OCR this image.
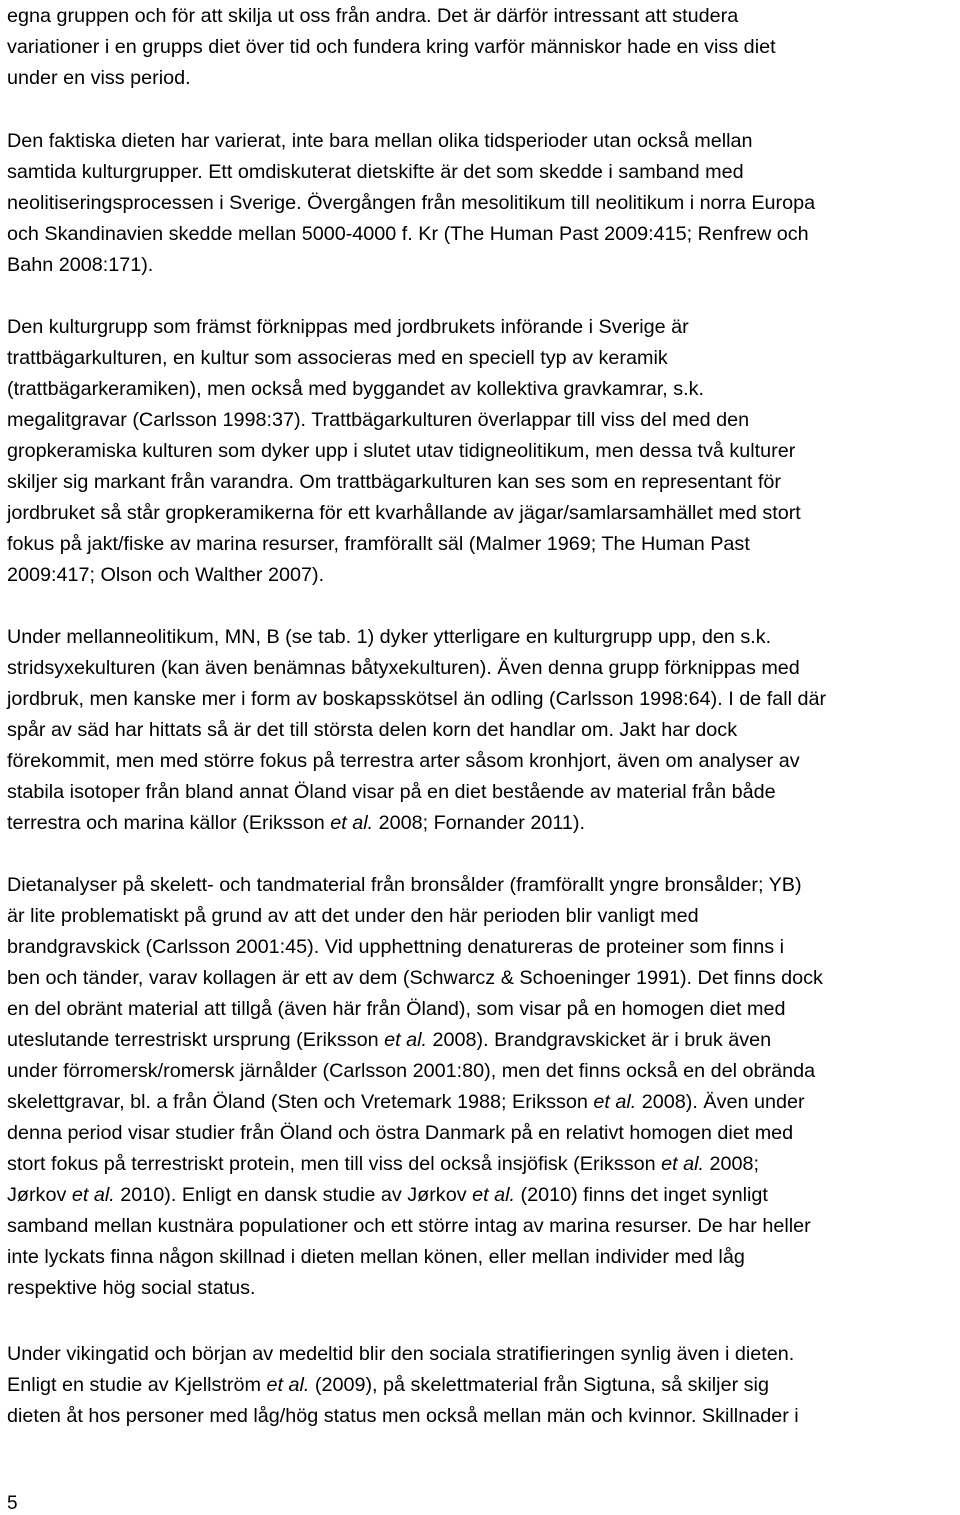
egna gruppen och för att skilja ut oss från andra. Det är därför intressant att studera
variationer i en grupps diet över tid och fundera kring varför människor hade en viss diet
under en viss period.
Den faktiska dieten har varierat, inte bara mellan olika tidsperioder utan också mellan
samtida kulturgrupper. Ett omdiskuterat dietskifte är det som skedde i samband med
neolitiseringsprocessen i Sverige. Övergången från mesolitikum till neolitikum i norra Europa
och Skandinavien skedde mellan 5000-4000 f. Kr (The Human Past 2009:415; Renfrew och
Bahn 2008:171).
Den kulturgrupp som främst förknippas med jordbrukets införande i Sverige är
trattbägarkulturen, en kultur som associeras med en speciell typ av keramik
(trattbägarkeramiken), men också med byggandet av kollektiva gravkamrar, s.k.
megalitgravar (Carlsson 1998:37). Trattbägarkulturen överlappar till viss del med den
gropkeramiska kulturen som dyker upp i slutet utav tidigneolitikum, men dessa två kulturer
skiljer sig markant från varandra. Om trattbägarkulturen kan ses som en representant för
jordbruket så står gropkeramikerna för ett kvarhållande av jägar/samlarsamhället med stort
fokus på jakt/fiske av marina resurser, framförallt säl (Malmer 1969; The Human Past
2009:417; Olson och Walther 2007).
Under mellanneolitikum, MN, B (se tab. 1) dyker ytterligare en kulturgrupp upp, den s.k.
stridsyxekulturen (kan även benämnas båtyxekulturen). Även denna grupp förknippas med
jordbruk, men kanske mer i form av boskapsskötsel än odling (Carlsson 1998:64). I de fall där
spår av säd har hittats så är det till största delen korn det handlar om. Jakt har dock
förekommit, men med större fokus på terrestra arter såsom kronhjort, även om analyser av
stabila isotoper från bland annat Öland visar på en diet bestående av material från både
terrestra och marina källor (Eriksson et al. 2008; Fornander 2011).
Dietanalyser på skelett- och tandmaterial från bronsålder (framförallt yngre bronsålder; YB)
är lite problematiskt på grund av att det under den här perioden blir vanligt med
brandgravskick (Carlsson 2001:45). Vid upphettning denatureras de proteiner som finns i
ben och tänder, varav kollagen är ett av dem (Schwarcz & Schoeninger 1991). Det finns dock
en del obränt material att tillgå (även här från Öland), som visar på en homogen diet med
uteslutande terrestriskt ursprung (Eriksson et al. 2008). Brandgravskicket är i bruk även
under förromersk/romersk järnålder (Carlsson 2001:80), men det finns också en del obrända
skelettgravar, bl. a från Öland (Sten och Vretemark 1988; Eriksson et al. 2008). Även under
denna period visar studier från Öland och östra Danmark på en relativt homogen diet med
stort fokus på terrestriskt protein, men till viss del också insjöfisk (Eriksson et al. 2008;
Jørkov et al. 2010). Enligt en dansk studie av Jørkov et al. (2010) finns det inget synligt
samband mellan kustnära populationer och ett större intag av marina resurser. De har heller
inte lyckats finna någon skillnad i dieten mellan könen, eller mellan individer med låg
respektive hög social status.
Under vikingatid och början av medeltid blir den sociala stratifieringen synlig även i dieten.
Enligt en studie av Kjellström et al. (2009), på skelettmaterial från Sigtuna, så skiljer sig
dieten åt hos personer med låg/hög status men också mellan män och kvinnor. Skillnader i
5
